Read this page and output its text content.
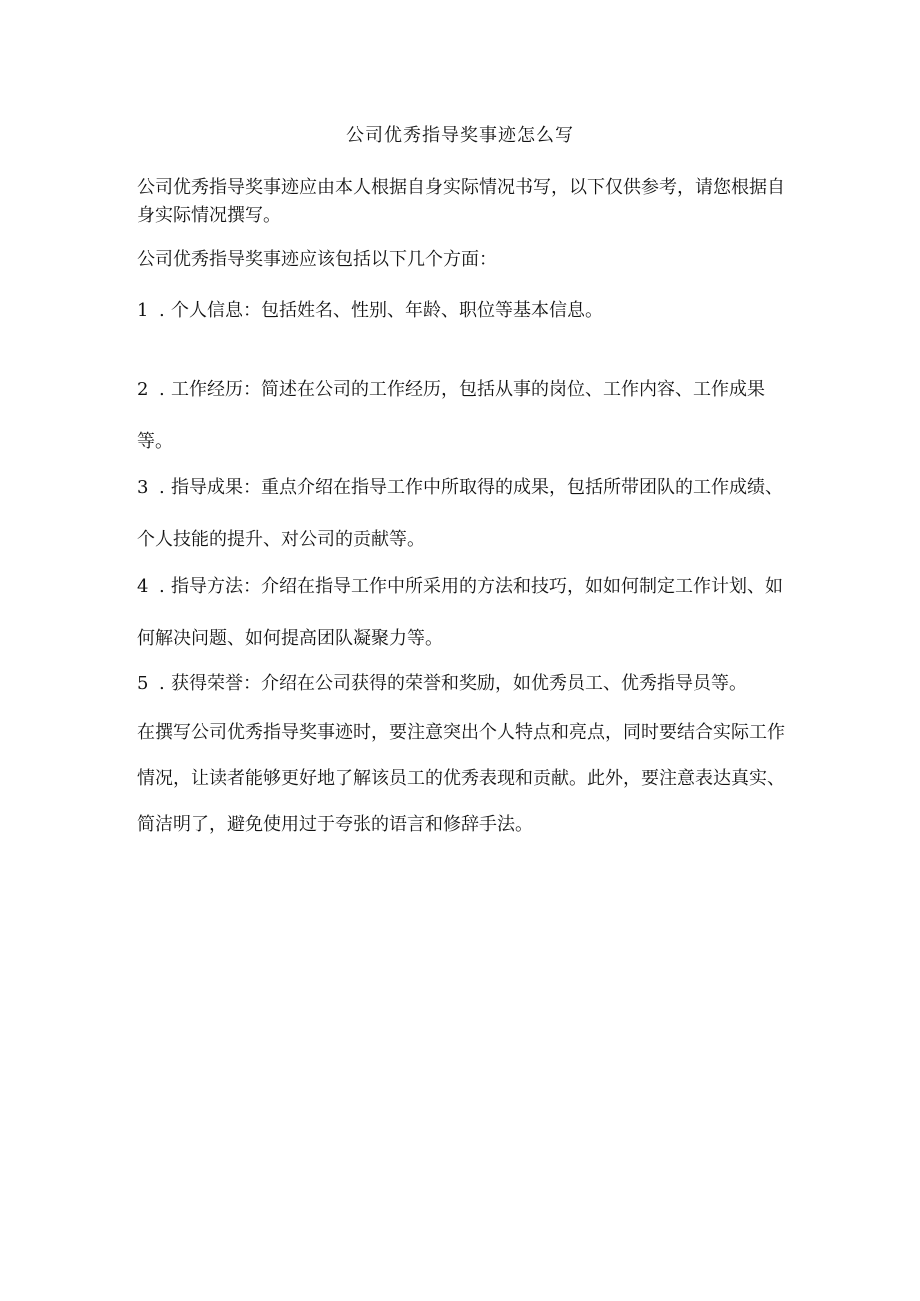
公司优秀指导奖事迹怎么写

公司优秀指导奖事迹应由本人根据自身实际情况书写，以下仅供参考，请您根据自身实际情况撰写。

公司优秀指导奖事迹应该包括以下几个方面：

1 . 个人信息：包括姓名、性别、年龄、职位等基本信息。

2 . 工作经历：简述在公司的工作经历，包括从事的岗位、工作内容、工作成果等。

3 . 指导成果：重点介绍在指导工作中所取得的成果，包括所带团队的工作成绩、个人技能的提升、对公司的贡献等。

4 . 指导方法：介绍在指导工作中所采用的方法和技巧，如如何制定工作计划、如何解决问题、如何提高团队凝聚力等。

5 . 获得荣誉：介绍在公司获得的荣誉和奖励，如优秀员工、优秀指导员等。

在撰写公司优秀指导奖事迹时，要注意突出个人特点和亮点，同时要结合实际工作情况，让读者能够更好地了解该员工的优秀表现和贡献。此外，要注意表达真实、简洁明了，避免使用过于夸张的语言和修辞手法。
